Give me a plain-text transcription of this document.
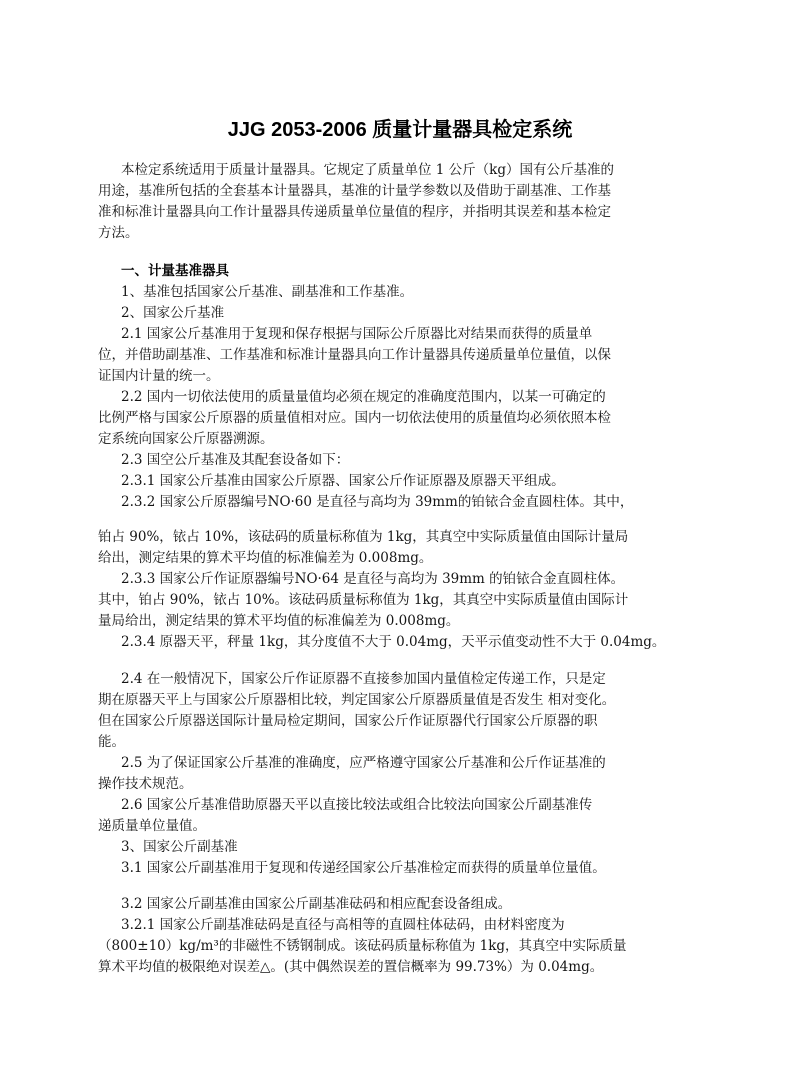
JJG 2053-2006 质量计量器具检定系统
本检定系统适用于质量计量器具。它规定了质量单位 1 公斤（kg）国有公斤基准的
用途，基准所包括的全套基本计量器具，基准的计量学参数以及借助于副基准、工作基
准和标准计量器具向工作计量器具传递质量单位量值的程序，并指明其误差和基本检定
方法。
一、计量基准器具
1、基准包括国家公斤基准、副基准和工作基准。
2、国家公斤基准
2.1 国家公斤基准用于复现和保存根据与国际公斤原器比对结果而获得的质量单
位，并借助副基准、工作基准和标准计量器具向工作计量器具传递质量单位量值，以保
证国内计量的统一。
2.2 国内一切依法使用的质量量值均必须在规定的准确度范围内，以某一可确定的
比例严格与国家公斤原器的质量值相对应。国内一切依法使用的质量值均必须依照本检
定系统向国家公斤原器溯源。
2.3 国空公斤基准及其配套设备如下：
2.3.1 国家公斤基准由国家公斤原器、国家公斤作证原器及原器天平组成。
2.3.2 国家公斤原器编号NO·60 是直径与高均为 39mm的铂铱合金直圆柱体。其中，
铂占 90%，铱占 10%，该砝码的质量标称值为 1kg，其真空中实际质量值由国际计量局
给出，测定结果的算术平均值的标准偏差为 0.008mg。
2.3.3 国家公斤作证原器编号NO·64 是直径与高均为 39mm 的铂铱合金直圆柱体。
其中，铂占 90%，铱占 10%。该砝码质量标称值为 1kg，其真空中实际质量值由国际计
量局给出，测定结果的算术平均值的标准偏差为 0.008mg。
2.3.4 原器天平，秤量 1kg，其分度值不大于 0.04mg，天平示值变动性不大于 0.04mg。
2.4 在一般情况下，国家公斤作证原器不直接参加国内量值检定传递工作，只是定
期在原器天平上与国家公斤原器相比较，判定国家公斤原器质量值是否发生 相对变化。
但在国家公斤原器送国际计量局检定期间，国家公斤作证原器代行国家公斤原器的职
能。
2.5 为了保证国家公斤基准的准确度，应严格遵守国家公斤基准和公斤作证基准的
操作技术规范。
2.6 国家公斤基准借助原器天平以直接比较法或组合比较法向国家公斤副基准传
递质量单位量值。
3、国家公斤副基准
3.1 国家公斤副基准用于复现和传递经国家公斤基准检定而获得的质量单位量值。
3.2 国家公斤副基准由国家公斤副基准砝码和相应配套设备组成。
3.2.1 国家公斤副基准砝码是直径与高相等的直圆柱体砝码，由材料密度为
（800±10）kg/m³的非磁性不锈钢制成。该砝码质量标称值为 1kg，其真空中实际质量
算术平均值的极限绝对误差△。(其中偶然误差的置信概率为 99.73%）为 0.04mg。
